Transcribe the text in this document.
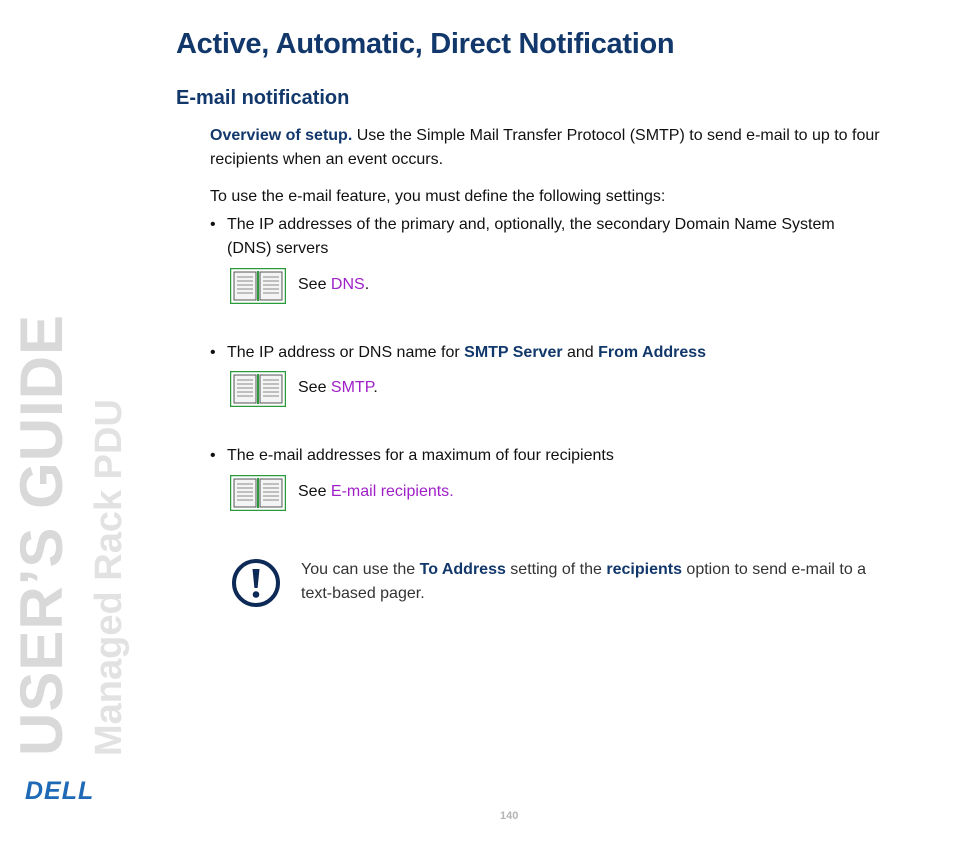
USER’S GUIDE Managed Rack PDU
DELL
Active, Automatic, Direct Notification
E-mail notification

Overview of setup. Use the Simple Mail Transfer Protocol (SMTP) to send e-mail to up to four recipients when an event occurs.

To use the e-mail feature, you must define the following settings:

• The IP addresses of the primary and, optionally, the secondary Domain Name System (DNS) servers
See DNS.
• The IP address or DNS name for SMTP Server and From Address
See SMTP.
• The e-mail addresses for a maximum of four recipients
See E-mail recipients.

You can use the To Address setting of the recipients option to send e-mail to a text-based pager.

140
